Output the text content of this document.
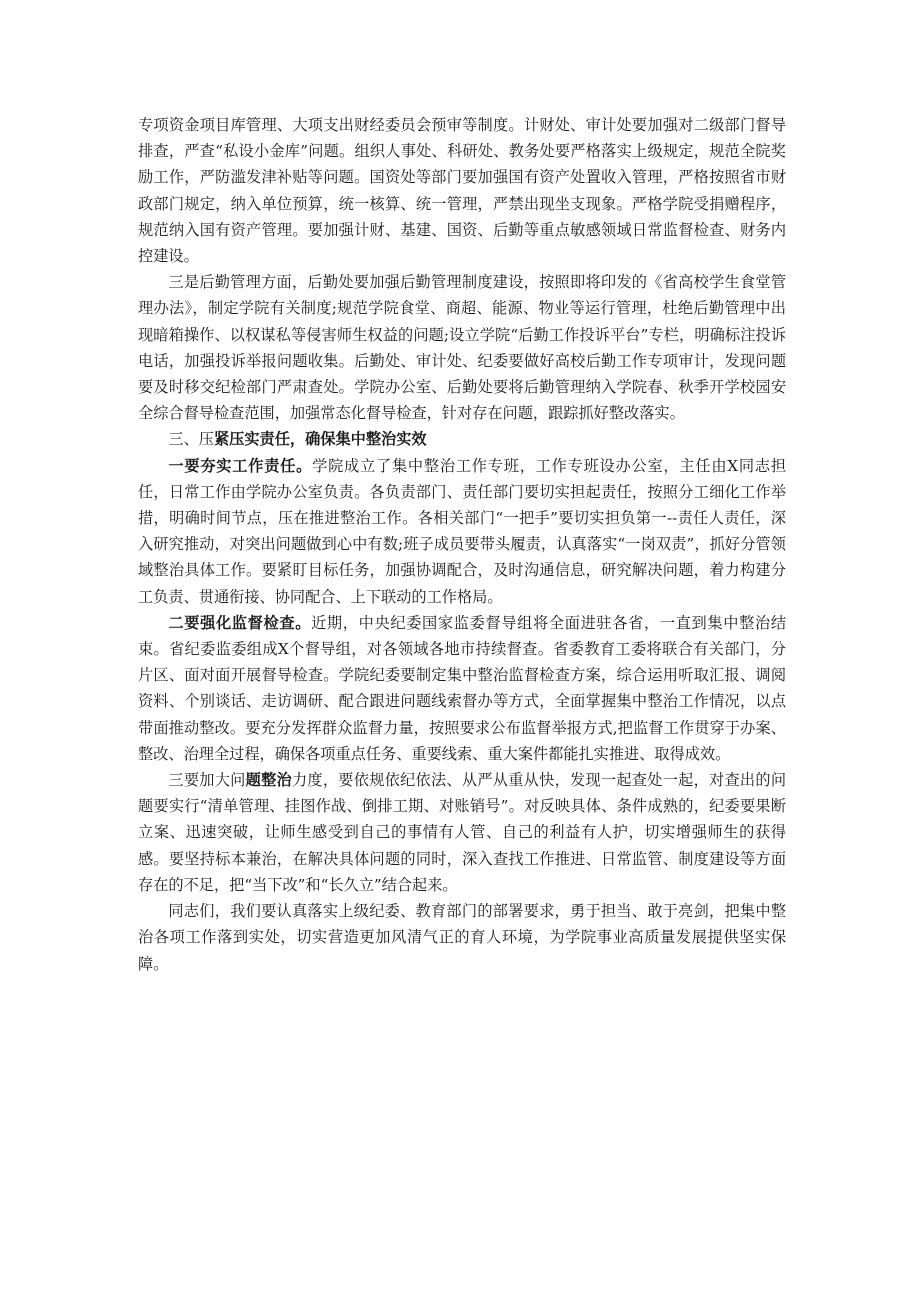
专项资金项目库管理、大项支出财经委员会预审等制度。计财处、审计处要加强对二级部门督导排查，严查“私设小金库”问题。组织人事处、科研处、教务处要严格落实上级规定，规范全院奖励工作，严防滥发津补贴等问题。国资处等部门要加强国有资产处置收入管理，严格按照省市财政部门规定，纳入单位预算，统一核算、统一管理，严禁出现坐支现象。严格学院受捐赠程序，规范纳入国有资产管理。要加强计财、基建、国资、后勤等重点敏感领域日常监督检查、财务内控建设。

三是后勤管理方面，后勤处要加强后勤管理制度建设，按照即将印发的《省高校学生食堂管理办法》，制定学院有关制度;规范学院食堂、商超、能源、物业等运行管理，杜绝后勤管理中出现暗箱操作、以权谋私等侵害师生权益的问题;设立学院“后勤工作投诉平台”专栏，明确标注投诉电话，加强投诉举报问题收集。后勤处、审计处、纪委要做好高校后勤工作专项审计，发现问题要及时移交纪检部门严肃查处。学院办公室、后勤处要将后勤管理纳入学院春、秋季开学校园安全综合督导检查范围，加强常态化督导检查，针对存在问题，跟踪抓好整改落实。

三、压紧压实责任，确保集中整治实效

一要夯实工作责任。学院成立了集中整治工作专班，工作专班设办公室，主任由X同志担任，日常工作由学院办公室负责。各负责部门、责任部门要切实担起责任，按照分工细化工作举措，明确时间节点，压在推进整治工作。各相关部门“一把手”要切实担负第一--责任人责任，深入研究推动，对突出问题做到心中有数;班子成员要带头履责，认真落实“一岗双责”，抓好分管领域整治具体工作。要紧盯目标任务，加强协调配合，及时沟通信息，研究解决问题，着力构建分工负责、贯通衔接、协同配合、上下联动的工作格局。

二要强化监督检查。近期，中央纪委国家监委督导组将全面进驻各省，一直到集中整治结束。省纪委监委组成X个督导组，对各领域各地市持续督查。省委教育工委将联合有关部门，分片区、面对面开展督导检查。学院纪委要制定集中整治监督检查方案，综合运用听取汇报、调阅资料、个别谈话、走访调研、配合跟进问题线索督办等方式，全面掌握集中整治工作情况，以点带面推动整改。要充分发挥群众监督力量，按照要求公布监督举报方式,把监督工作贯穿于办案、整改、治理全过程，确保各项重点任务、重要线索、重大案件都能扎实推进、取得成效。

三要加大问题整治力度，要依规依纪依法、从严从重从快，发现一起查处一起，对查出的问题要实行“清单管理、挂图作战、倒排工期、对账销号”。对反映具体、条件成熟的，纪委要果断立案、迅速突破，让师生感受到自己的事情有人管、自己的利益有人护，切实增强师生的获得感。要坚持标本兼治，在解决具体问题的同时，深入查找工作推进、日常监管、制度建设等方面存在的不足，把“当下改”和“长久立”结合起来。

同志们，我们要认真落实上级纪委、教育部门的部署要求，勇于担当、敢于亮剑，把集中整治各项工作落到实处，切实营造更加风清气正的育人环境，为学院事业高质量发展提供坚实保障。
